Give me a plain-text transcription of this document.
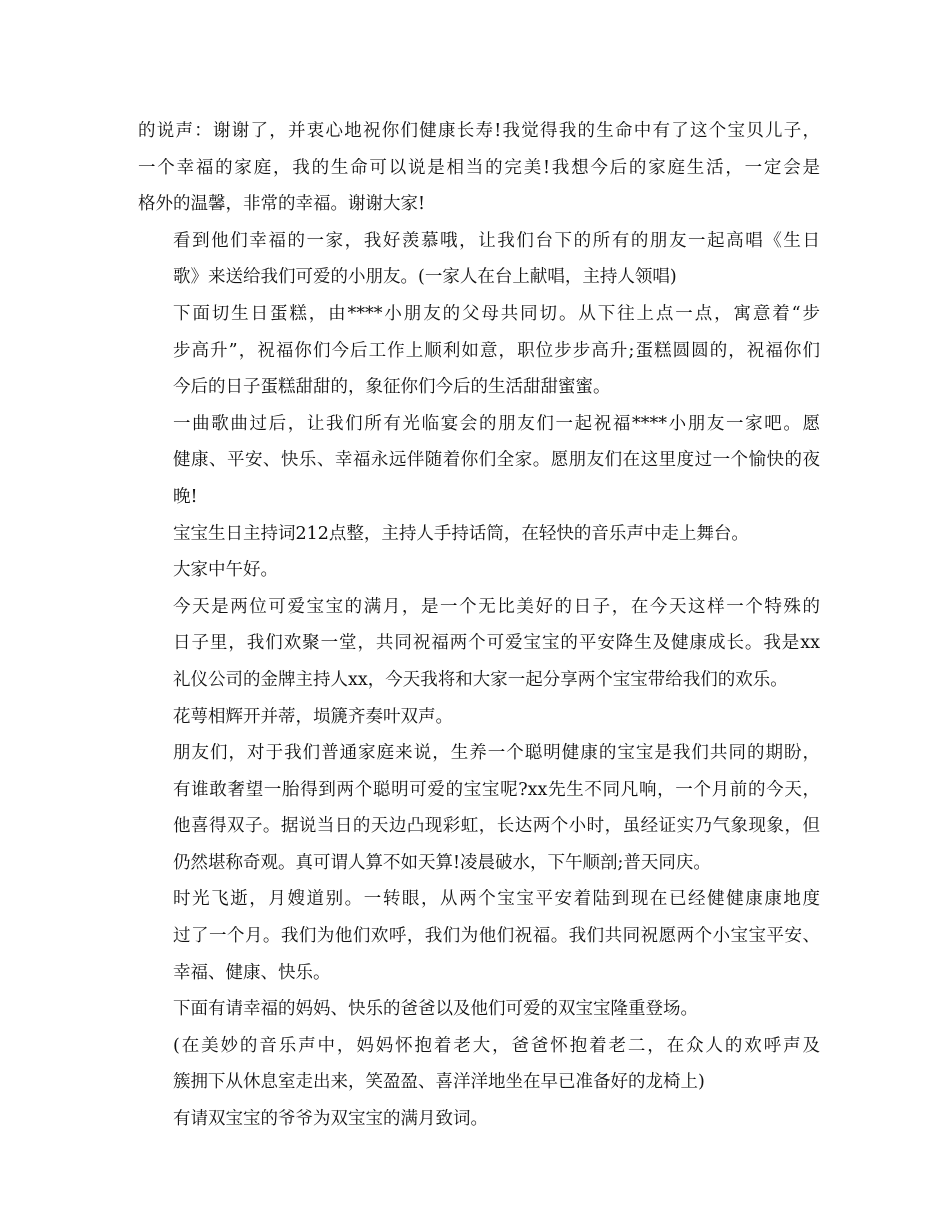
的说声：谢谢了，并衷心地祝你们健康长寿!我觉得我的生命中有了这个宝贝儿子，
一个幸福的家庭，我的生命可以说是相当的完美!我想今后的家庭生活，一定会是
格外的温馨，非常的幸福。谢谢大家!

看到他们幸福的一家，我好羡慕哦，让我们台下的所有的朋友一起高唱《生日
歌》来送给我们可爱的小朋友。(一家人在台上献唱，主持人领唱)

下面切生日蛋糕，由****小朋友的父母共同切。从下往上点一点，寓意着“步
步高升”，祝福你们今后工作上顺利如意，职位步步高升;蛋糕圆圆的，祝福你们
今后的日子蛋糕甜甜的，象征你们今后的生活甜甜蜜蜜。

一曲歌曲过后，让我们所有光临宴会的朋友们一起祝福****小朋友一家吧。愿
健康、平安、快乐、幸福永远伴随着你们全家。愿朋友们在这里度过一个愉快的夜
晚!

宝宝生日主持词212点整，主持人手持话筒，在轻快的音乐声中走上舞台。

大家中午好。

今天是两位可爱宝宝的满月，是一个无比美好的日子，在今天这样一个特殊的
日子里，我们欢聚一堂，共同祝福两个可爱宝宝的平安降生及健康成长。我是xx
礼仪公司的金牌主持人xx，今天我将和大家一起分享两个宝宝带给我们的欢乐。

花萼相辉开并蒂，埙篪齐奏叶双声。

朋友们，对于我们普通家庭来说，生养一个聪明健康的宝宝是我们共同的期盼，
有谁敢奢望一胎得到两个聪明可爱的宝宝呢?xx先生不同凡响，一个月前的今天，
他喜得双子。据说当日的天边凸现彩虹，长达两个小时，虽经证实乃气象现象，但
仍然堪称奇观。真可谓人算不如天算!凌晨破水，下午顺剖;普天同庆。

时光飞逝，月嫂道别。一转眼，从两个宝宝平安着陆到现在已经健健康康地度
过了一个月。我们为他们欢呼，我们为他们祝福。我们共同祝愿两个小宝宝平安、
幸福、健康、快乐。

下面有请幸福的妈妈、快乐的爸爸以及他们可爱的双宝宝隆重登场。

(在美妙的音乐声中，妈妈怀抱着老大，爸爸怀抱着老二，在众人的欢呼声及
簇拥下从休息室走出来，笑盈盈、喜洋洋地坐在早已准备好的龙椅上)

有请双宝宝的爷爷为双宝宝的满月致词。
